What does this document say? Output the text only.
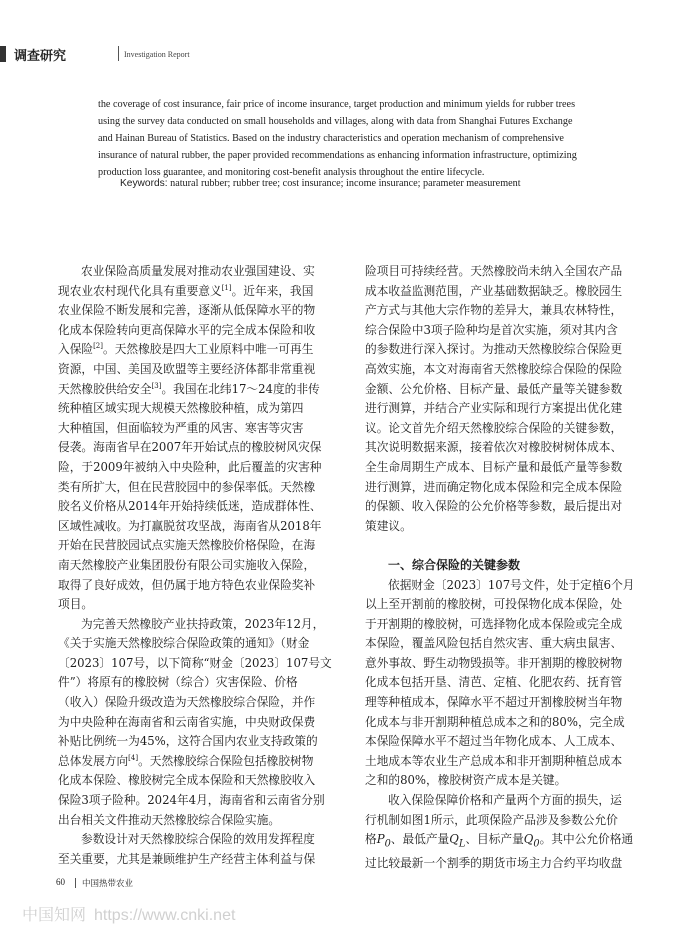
调查研究	Investigation Report

the coverage of cost insurance, fair price of income insurance, target production and minimum yields for rubber trees

using the survey data conducted on small households and villages, along with data from Shanghai Futures Exchange

and Hainan Bureau of Statistics. Based on the industry characteristics and operation mechanism of comprehensive

insurance of natural rubber, the paper provided recommendations as enhancing information infrastructure, optimizing

production loss guarantee, and monitoring cost-benefit analysis throughout the entire lifecycle.

Keywords: natural rubber; rubber tree; cost insurance; income insurance; parameter measurement

农业保险高质量发展对推动农业强国建设、实

现农业农村现代化具有重要意义[1]。近年来，我国

农业保险不断发展和完善，逐渐从低保障水平的物

化成本保险转向更高保障水平的完全成本保险和收

入保险[2]。天然橡胶是四大工业原料中唯一可再生

资源，中国、美国及欧盟等主要经济体都非常重视

天然橡胶供给安全[3]。我国在北纬17～24度的非传

统种植区域实现大规模天然橡胶种植，成为第四

大种植国，但面临较为严重的风害、寒害等灾害

侵袭。海南省早在2007年开始试点的橡胶树风灾保

险，于2009年被纳入中央险种，此后覆盖的灾害种

类有所扩大，但在民营胶园中的参保率低。天然橡

胶名义价格从2014年开始持续低迷，造成群体性、

区域性减收。为打赢脱贫攻坚战，海南省从2018年

开始在民营胶园试点实施天然橡胶价格保险，在海

南天然橡胶产业集团股份有限公司实施收入保险，

取得了良好成效，但仍属于地方特色农业保险奖补

项目。

为完善天然橡胶产业扶持政策，2023年12月，

《关于实施天然橡胶综合保险政策的通知》（财金

〔2023〕107号，以下简称“财金〔2023〕107号文

件”）将原有的橡胶树（综合）灾害保险、价格

（收入）保险升级改造为天然橡胶综合保险，并作

为中央险种在海南省和云南省实施，中央财政保费

补贴比例统一为45%，这符合国内农业支持政策的

总体发展方向[4]。天然橡胶综合保险包括橡胶树物

化成本保险、橡胶树完全成本保险和天然橡胶收入

保险3项子险种。2024年4月，海南省和云南省分别

出台相关文件推动天然橡胶综合保险实施。

参数设计对天然橡胶综合保险的效用发挥程度

至关重要，尤其是兼顾维护生产经营主体利益与保

险项目可持续经营。天然橡胶尚未纳入全国农产品

成本收益监测范围，产业基础数据缺乏。橡胶园生

产方式与其他大宗作物的差异大，兼具农林特性，

综合保险中3项子险种均是首次实施，须对其内含

的参数进行深入探讨。为推动天然橡胶综合保险更

高效实施，本文对海南省天然橡胶综合保险的保险

金额、公允价格、目标产量、最低产量等关键参数

进行测算，并结合产业实际和现行方案提出优化建

议。论文首先介绍天然橡胶综合保险的关键参数，

其次说明数据来源，接着依次对橡胶树树体成本、

全生命周期生产成本、目标产量和最低产量等参数

进行测算，进而确定物化成本保险和完全成本保险

的保额、收入保险的公允价格等参数，最后提出对

策建议。

一、综合保险的关键参数

依据财金〔2023〕107号文件，处于定植6个月

以上至开割前的橡胶树，可投保物化成本保险，处

于开割期的橡胶树，可选择物化成本保险或完全成

本保险，覆盖风险包括自然灾害、重大病虫鼠害、

意外事故、野生动物毁损等。非开割期的橡胶树物

化成本包括开垦、清芭、定植、化肥农药、抚育管

理等种植成本，保障水平不超过开割橡胶树当年物

化成本与非开割期种植总成本之和的80%，完全成

本保险保障水平不超过当年物化成本、人工成本、

土地成本等农业生产总成本和非开割期种植总成本

之和的80%，橡胶树资产成本是关键。

收入保险保障价格和产量两个方面的损失，运

行机制如图1所示，此项保险产品涉及参数公允价

格$P_0$、最低产量$Q_L$、目标产量$Q_0$。其中公允价格通

过比较最新一个割季的期货市场主力合约平均收盘

60 中国热带农业
中国知网 https://www.cnki.net
